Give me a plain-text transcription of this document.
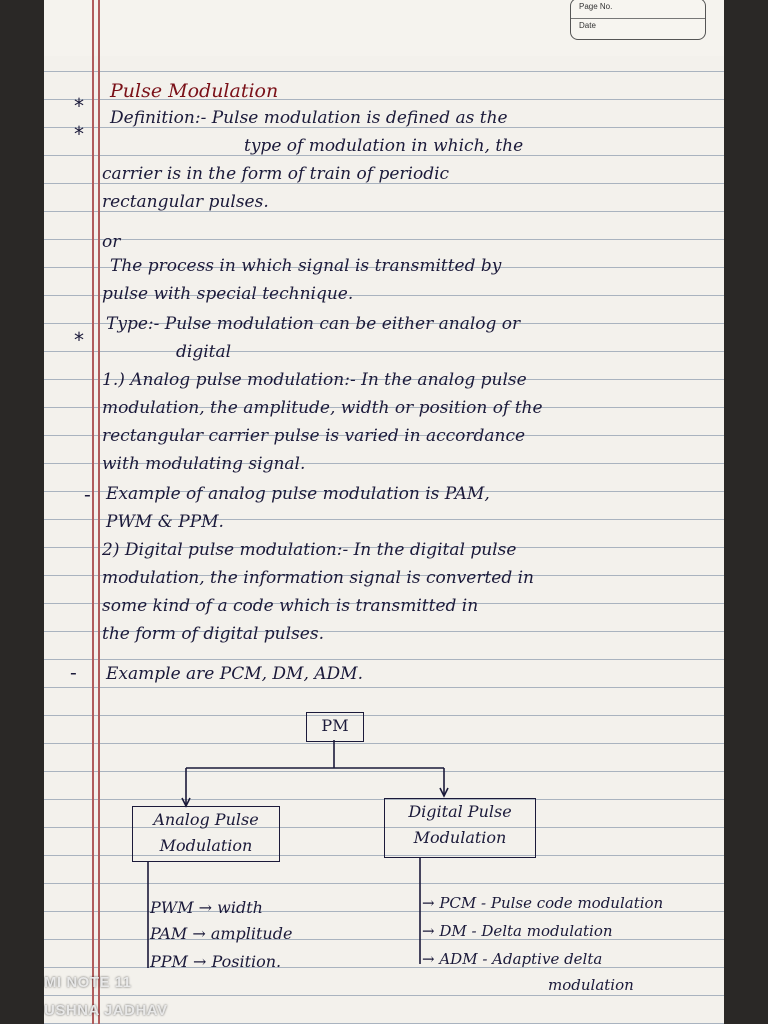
Page No.
Date
*
Pulse Modulation
*
Definition:- Pulse modulation is defined as the
type of modulation in which, the
carrier is in the form of train of periodic
rectangular pulses.
or
The process in which signal is transmitted by
pulse with special technique.
*
Type:- Pulse modulation can be either analog or
digital
1.) Analog pulse modulation:- In the analog pulse
modulation, the amplitude, width or position of the
rectangular carrier pulse is varied in accordance
with modulating signal.
- Example of analog pulse modulation is PAM,
PWM & PPM.
2) Digital pulse modulation:- In the digital pulse
modulation, the information signal is converted in
some kind of a code which is transmitted in
the form of digital pulses.
- Example are PCM, DM, ADM.
PM
Analog Pulse
Modulation
Digital Pulse
Modulation
PWM → width
PAM → amplitude
PPM → Position.
→ PCM - Pulse code modulation
→ DM - Delta modulation
→ ADM - Adaptive delta
modulation
MI NOTE 11
USHNA JADHAV
